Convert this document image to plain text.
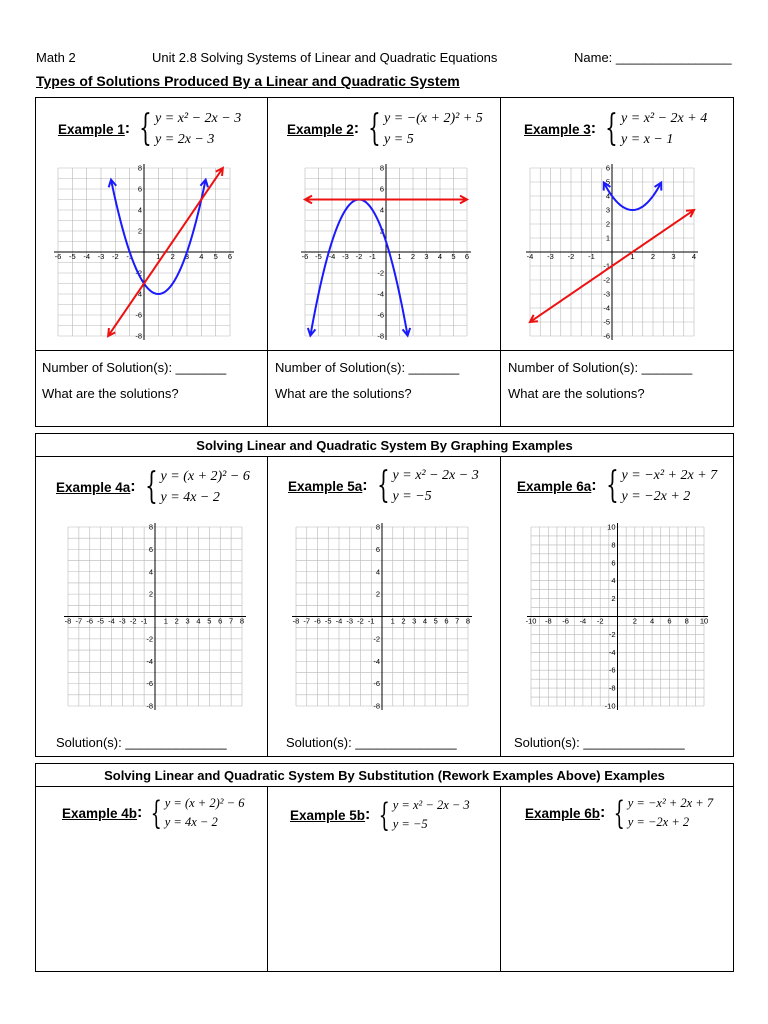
Math 2	Unit 2.8 Solving Systems of Linear and Quadratic Equations	Name: ________________
Types of Solutions Produced By a Linear and Quadratic System
Example 1 : { y = x² − 2x − 3
y = 2x − 3
Example 2 : { y = −(x + 2)² + 5
y = 5
Example 3 : { y = x² − 2x + 4
y = x − 1
-6 -5 -4 -3 -2 -1	1 2 3 4 5 6
8
6
4
2
-2
-4
-6
-8
-6 -5 -4 -3 -2 -1	1 2 3 4 5 6
8
6
4
2
-2
-4
-6
-8
-4 -3 -2 -1	1 2 3 4
6
5
4
3
2
1
-1
-2
-3
-4
-5
-6
-8 -7 -6 -5 -4 -3 -2 -1 1 2 3 4 5 6 7 8
8
6
4
2
-2
-4
-6
-8
-8 -7 -6 -5 -4 -3 -2 -1 1 2 3 4 5 6 7 8
8
6
4
2
-2
-4
-6
-8
-10 -8 -6 -4 -2	2 4 6 8 10
10
8
6
4
2
-2
-4
-6
-8
-10
Number of Solution(s): _______
What are the solutions?
Number of Solution(s): _______
What are the solutions?
Number of Solution(s): _______
What are the solutions?
Solving Linear and Quadratic System By Graphing Examples
Example 4a : { y = (x + 2)² − 6
y = 4x − 2
Example 5a : { y = x² − 2x − 3
y = −5
Example 6a : { y = −x² + 2x + 7
y = −2x + 2
Solution(s): ______________	Solution(s): ______________	Solution(s): ______________
Solving Linear and Quadratic System By Substitution (Rework Examples Above) Examples
Example 4b : { y = (x + 2)² − 6
y = 4x − 2	Example 5b : { y = x² − 2x − 3
y = −5
Example 6b : { y = −x² + 2x + 7
y = −2x + 2
